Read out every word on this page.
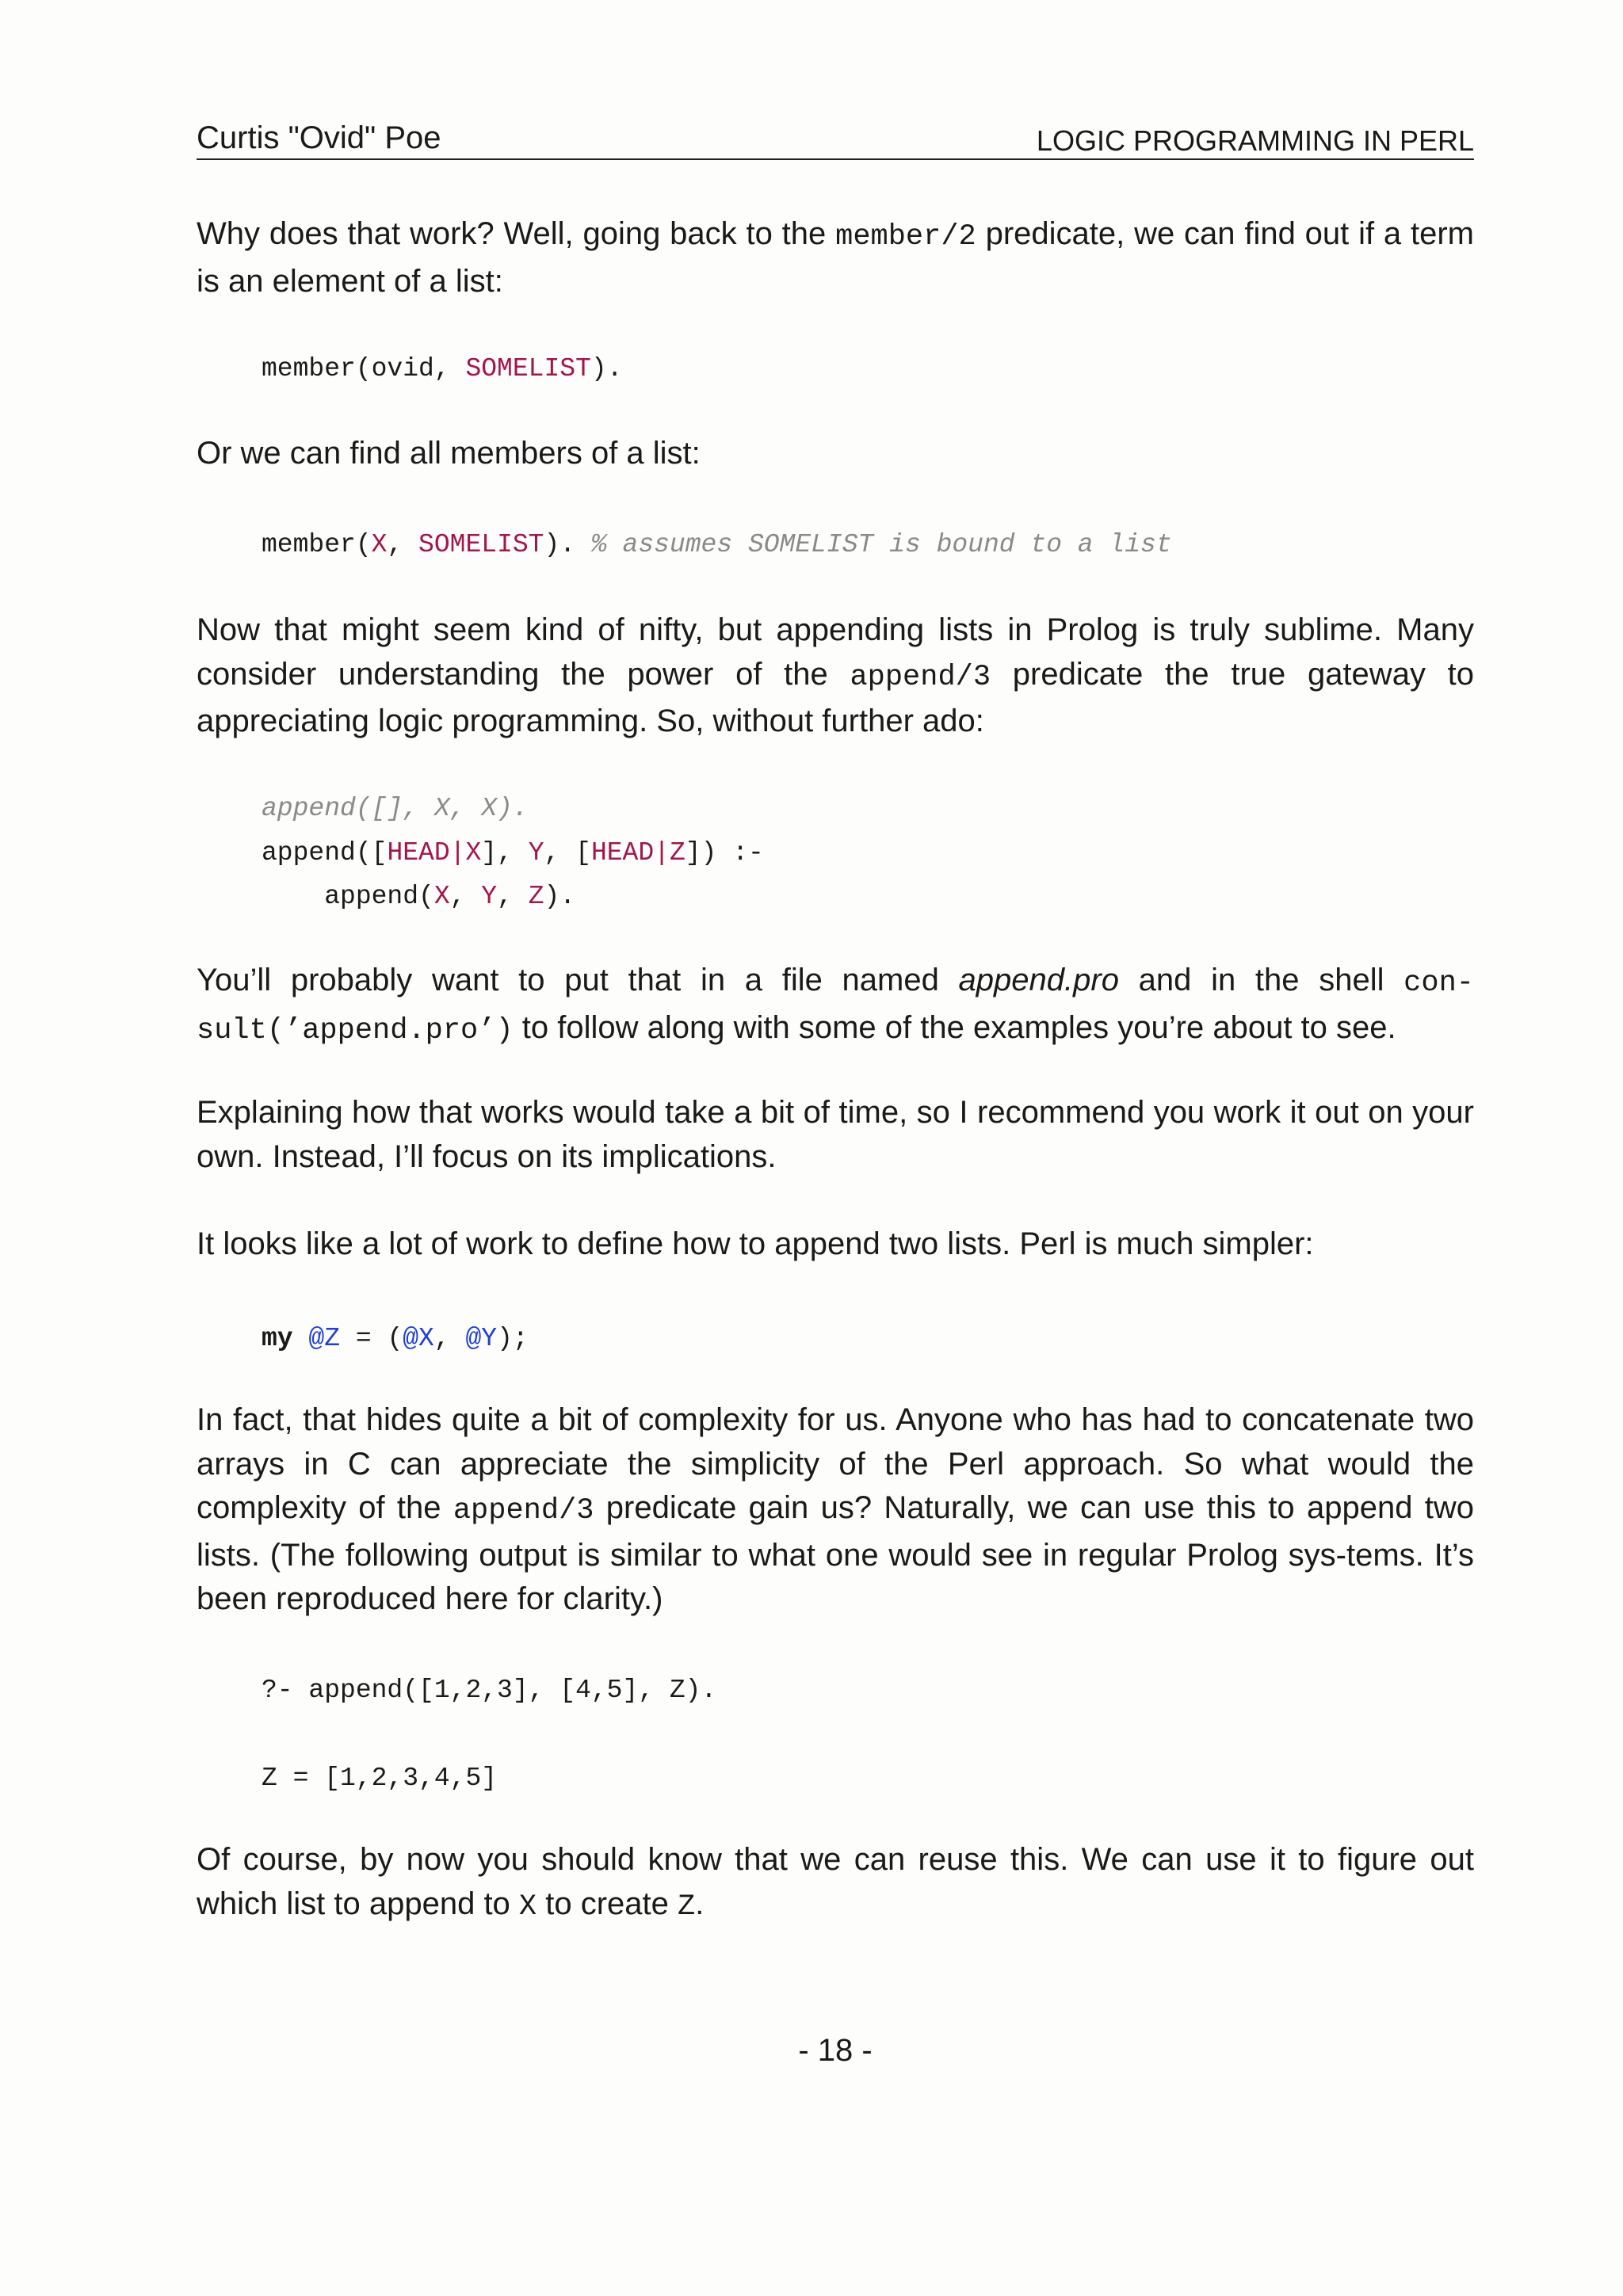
Curtis "Ovid" Poe	LOGIC PROGRAMMING IN PERL
Why does that work? Well, going back to the member/2 predicate, we can find out if a term is an element of a list:
member(ovid, SOMELIST).
Or we can find all members of a list:
member(X, SOMELIST). % assumes SOMELIST is bound to a list
Now that might seem kind of nifty, but appending lists in Prolog is truly sublime. Many consider understanding the power of the append/3 predicate the true gateway to appreciating logic programming. So, without further ado:
append([], X, X).
append([HEAD|X], Y, [HEAD|Z]) :-
append(X, Y, Z).
You’ll probably want to put that in a file named append.pro and in the shell con- sult(’append.pro’) to follow along with some of the examples you’re about to see.
Explaining how that works would take a bit of time, so I recommend you work it out on your own. Instead, I’ll focus on its implications.
It looks like a lot of work to define how to append two lists. Perl is much simpler:
my @Z = (@X, @Y);
In fact, that hides quite a bit of complexity for us. Anyone who has had to concatenate two arrays in C can appreciate the simplicity of the Perl approach. So what would the complexity of the append/3 predicate gain us? Naturally, we can use this to append two lists. (The following output is similar to what one would see in regular Prolog sys-tems. It’s been reproduced here for clarity.)
?- append([1,2,3], [4,5], Z).
Z = [1,2,3,4,5]
Of course, by now you should know that we can reuse this. We can use it to figure out which list to append to X to create Z.
- 18 -
